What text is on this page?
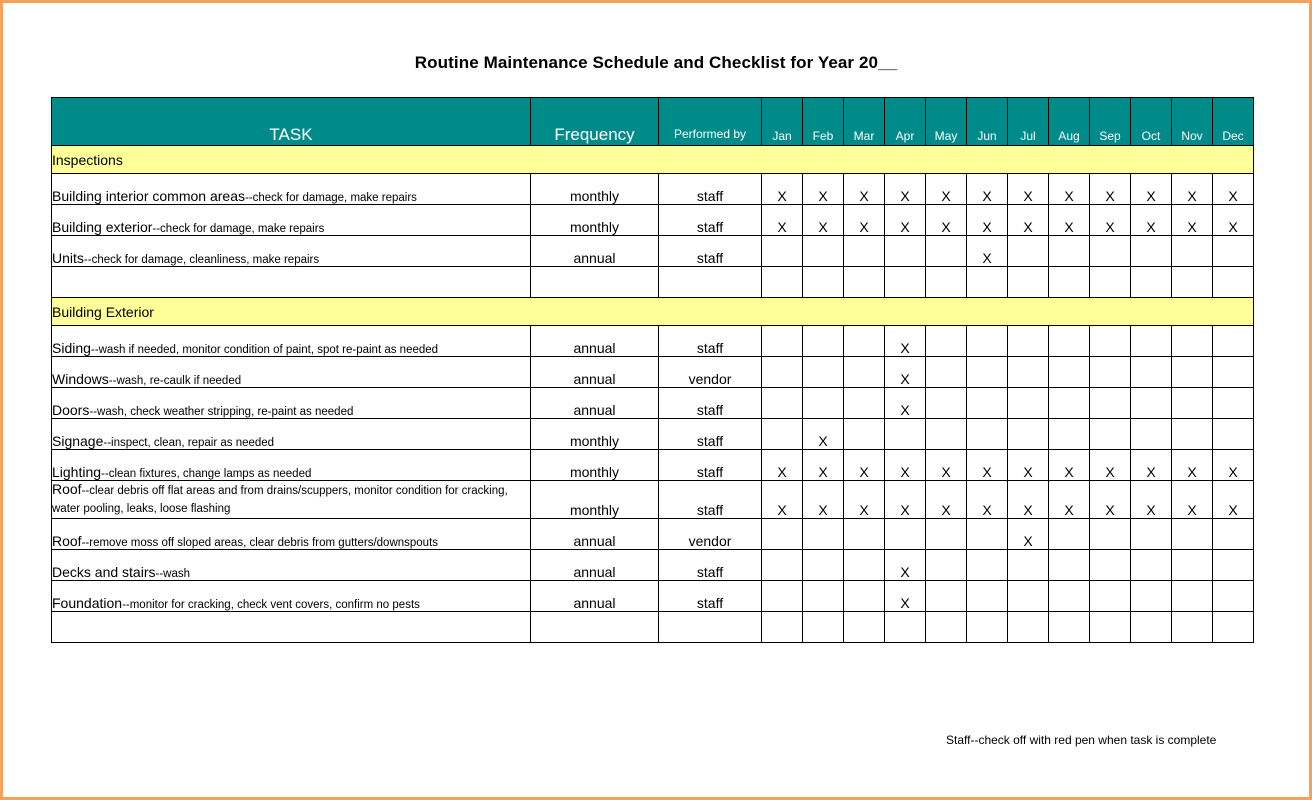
Routine Maintenance Schedule and Checklist for Year 20__
TASK	Frequency	Performed by	Jan	Feb	Mar	Apr	May	Jun	Jul	Aug	Sep	Oct	Nov	Dec
Inspections														
Building interior common areas--check for damage, make repairs	monthly	staff	X	X	X	X	X	X	X	X	X	X	X	X
Building exterior--check for damage, make repairs	monthly	staff	X	X	X	X	X	X	X	X	X	X	X	X
Units--check for damage, cleanliness, make repairs	annual	staff						X						

Building Exterior														
Siding--wash if needed, monitor condition of paint, spot re-paint as needed	annual	staff				X								
Windows--wash, re-caulk if needed	annual	vendor				X								
Doors--wash, check weather stripping, re-paint as needed	annual	staff				X								
Signage--inspect, clean, repair as needed	monthly	staff		X										
Lighting--clean fixtures, change lamps as needed	monthly	staff	X	X	X	X	X	X	X	X	X	X	X	X
Roof--clear debris off flat areas and from drains/scuppers, monitor condition for cracking, water pooling, leaks, loose flashing	monthly	staff	X	X	X	X	X	X	X	X	X	X	X	X
Roof--remove moss off sloped areas, clear debris from gutters/downspouts	annual	vendor							X					
Decks and stairs--wash	annual	staff				X								
Foundation--monitor for cracking, check vent covers, confirm no pests	annual	staff				X								

Staff--check off with red pen when task is complete
